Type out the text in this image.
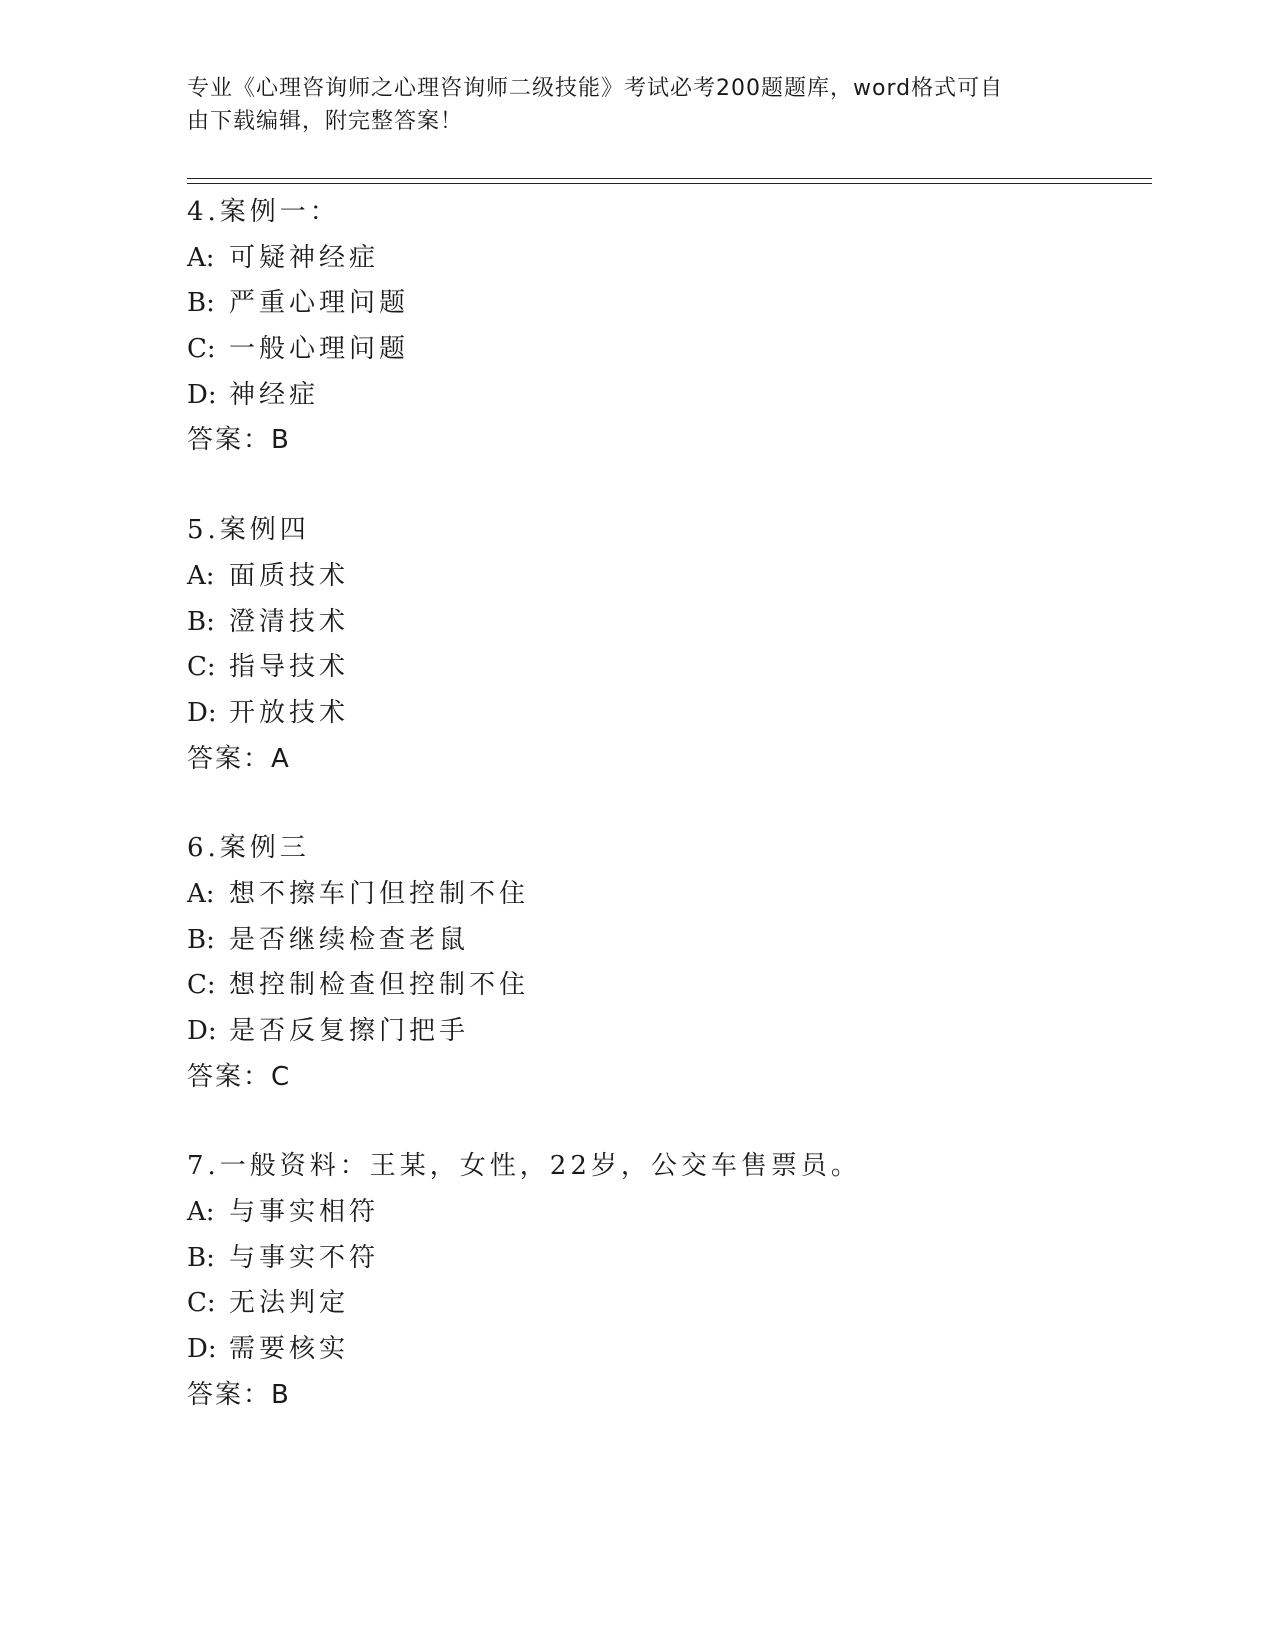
专业《心理咨询师之心理咨询师二级技能》考试必考200题题库，word格式可自
由下载编辑，附完整答案！
4.案例一：
A: 可疑神经症
B: 严重心理问题
C: 一般心理问题
D: 神经症
答案：B
5.案例四
A: 面质技术
B: 澄清技术
C: 指导技术
D: 开放技术
答案：A
6.案例三
A: 想不擦车门但控制不住
B: 是否继续检查老鼠
C: 想控制检查但控制不住
D: 是否反复擦门把手
答案：C
7.一般资料：王某，女性，22岁，公交车售票员。
A: 与事实相符
B: 与事实不符
C: 无法判定
D: 需要核实
答案：B
